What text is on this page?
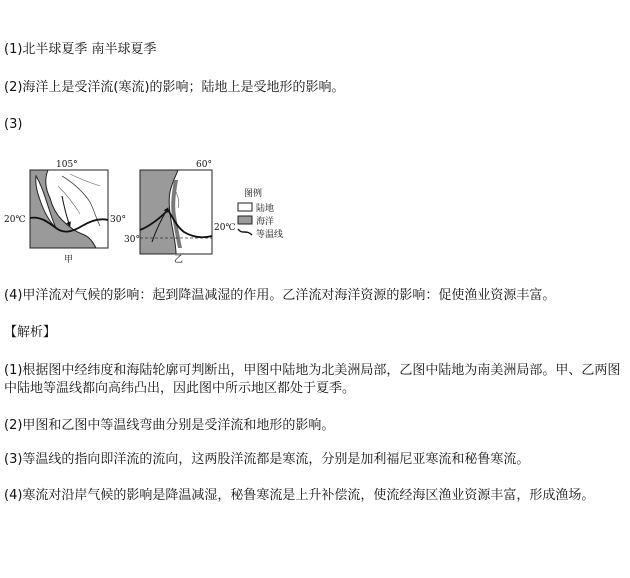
(1)北半球夏季 南半球夏季
(2)海洋上是受洋流(寒流)的影响；陆地上是受地形的影响。
(3)
105°
20℃	30°
甲
60°
20℃
30°
乙
图例
陆地
海洋
等温线
(4)甲洋流对气候的影响：起到降温减湿的作用。乙洋流对海洋资源的影响：促使渔业资源丰富。
【解析】
(1)根据图中经纬度和海陆轮廓可判断出，甲图中陆地为北美洲局部，乙图中陆地为南美洲局部。甲、乙两图中陆地等温线都向高纬凸出，因此图中所示地区都处于夏季。
(2)甲图和乙图中等温线弯曲分别是受洋流和地形的影响。
(3)等温线的指向即洋流的流向，这两股洋流都是寒流，分别是加利福尼亚寒流和秘鲁寒流。
(4)寒流对沿岸气候的影响是降温减湿，秘鲁寒流是上升补偿流，使流经海区渔业资源丰富，形成渔场。
